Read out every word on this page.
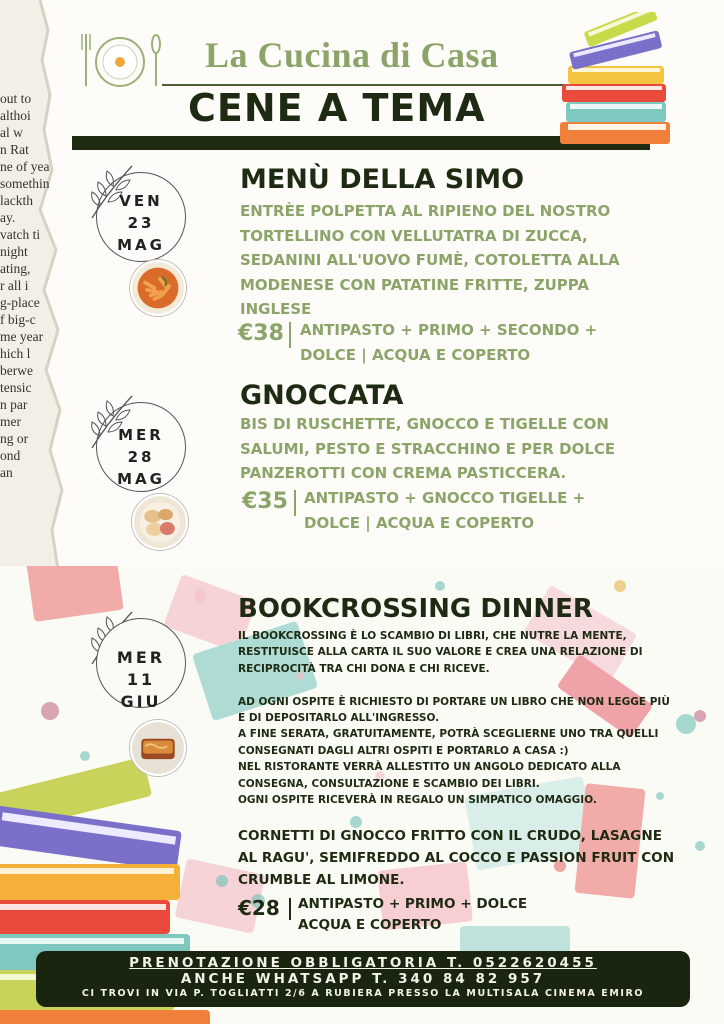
out to
althoi
al w
n Rat
ne of yea
somethin
lackth
ay.
vatch ti
night
ating,
r all i
g-place
f big-c
me year
hich l
berwe
tensic
n par
mer
ng or
ond
an
La Cucina di Casa
CENE A TEMA
VEN
23
MAG
MENÙ DELLA SIMO
ENTRÈE POLPETTA AL RIPIENO DEL NOSTRO
TORTELLINO CON VELLUTATRA DI ZUCCA,
SEDANINI ALL'UOVO FUMÈ, COTOLETTA ALLA
MODENESE CON PATATINE FRITTE, ZUPPA
INGLESE
€38 ANTIPASTO + PRIMO + SECONDO +
DOLCE | ACQUA E COPERTO
MER
28
MAG
GNOCCATA
BIS DI RUSCHETTE, GNOCCO E TIGELLE CON
SALUMI, PESTO E STRACCHINO E PER DOLCE
PANZEROTTI CON CREMA PASTICCERA.
€35 ANTIPASTO + GNOCCO TIGELLE +
DOLCE | ACQUA E COPERTO
MER
11
GIU
BOOKCROSSING DINNER
IL BOOKCROSSING È LO SCAMBIO DI LIBRI, CHE NUTRE LA MENTE,
RESTITUISCE ALLA CARTA IL SUO VALORE E CREA UNA RELAZIONE DI
RECIPROCITÀ TRA CHI DONA E CHI RICEVE.
AD OGNI OSPITE È RICHIESTO DI PORTARE UN LIBRO CHE NON LEGGE PIÙ
E DI DEPOSITARLO ALL'INGRESSO.
A FINE SERATA, GRATUITAMENTE, POTRÀ SCEGLIERNE UNO TRA QUELLI
CONSEGNATI DAGLI ALTRI OSPITI E PORTARLO A CASA :)
NEL RISTORANTE VERRÀ ALLESTITO UN ANGOLO DEDICATO ALLA
CONSEGNA, CONSULTAZIONE E SCAMBIO DEI LIBRI.
OGNI OSPITE RICEVERÀ IN REGALO UN SIMPATICO OMAGGIO.
CORNETTI DI GNOCCO FRITTO CON IL CRUDO, LASAGNE
AL RAGU', SEMIFREDDO AL COCCO E PASSION FRUIT CON
CRUMBLE AL LIMONE.
€28 ANTIPASTO + PRIMO + DOLCE
ACQUA E COPERTO
PRENOTAZIONE OBBLIGATORIA T. 0522620455
ANCHE WHATSAPP T. 340 84 82 957
CI TROVI IN VIA P. TOGLIATTI 2/6 A RUBIERA PRESSO LA MULTISALA CINEMA EMIRO
